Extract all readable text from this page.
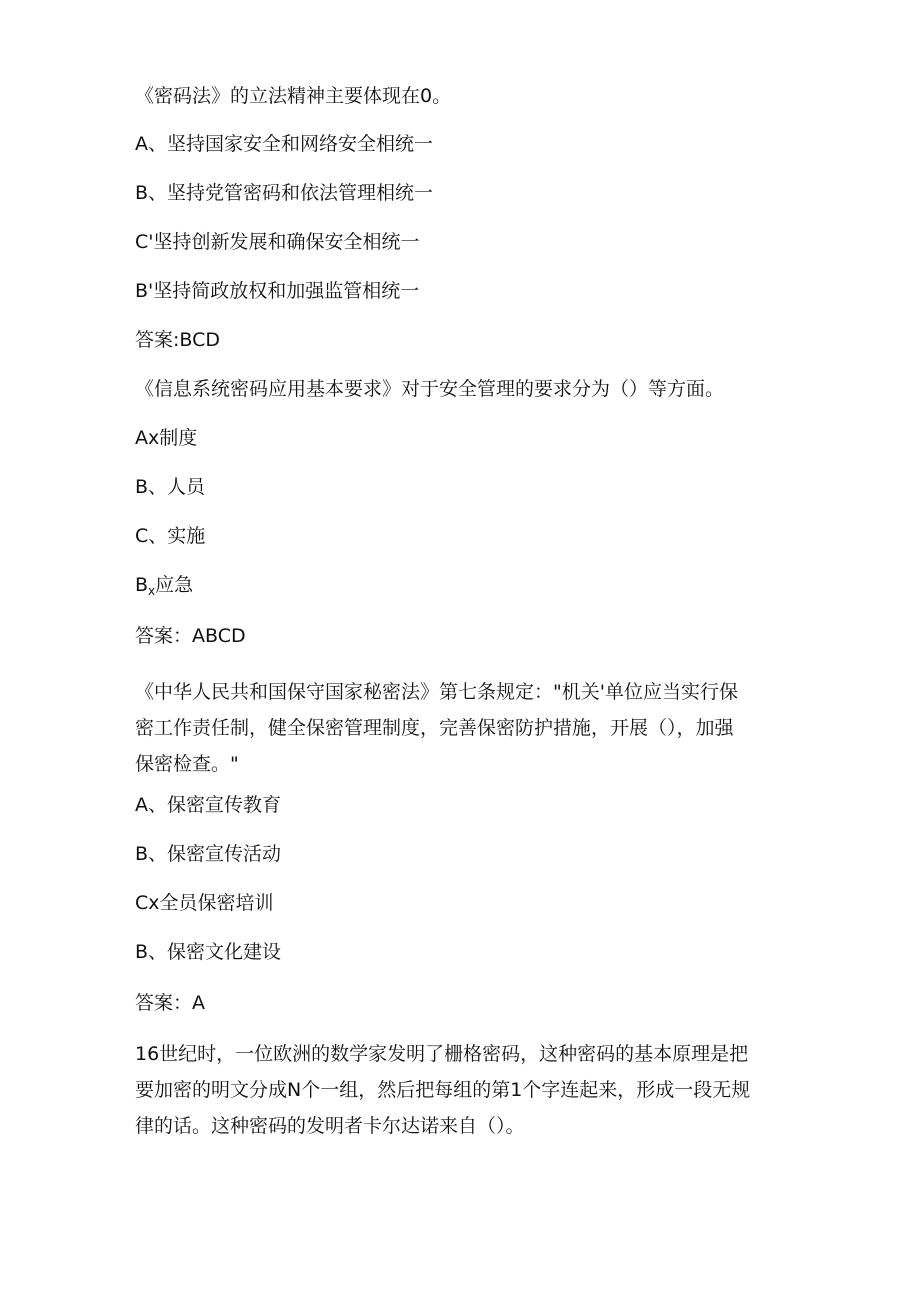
《密码法》的立法精神主要体现在0。
A、坚持国家安全和网络安全相统一
B、坚持党管密码和依法管理相统一
C'坚持创新发展和确保安全相统一
B'坚持简政放权和加强监管相统一
答案:BCD
《信息系统密码应用基本要求》对于安全管理的要求分为（）等方面。
Ax制度
B、人员
C、实施
$B_x$应急
答案：ABCD
《中华人民共和国保守国家秘密法》第七条规定："机关'单位应当实行保
密工作责任制，健全保密管理制度，完善保密防护措施，开展（），加强
保密检查。"
A、保密宣传教育
B、保密宣传活动
Cx全员保密培训
B、保密文化建设
答案：A
16世纪时，一位欧洲的数学家发明了栅格密码，这种密码的基本原理是把
要加密的明文分成N个一组，然后把每组的第1个字连起来，形成一段无规
律的话。这种密码的发明者卡尔达诺来自（）。
